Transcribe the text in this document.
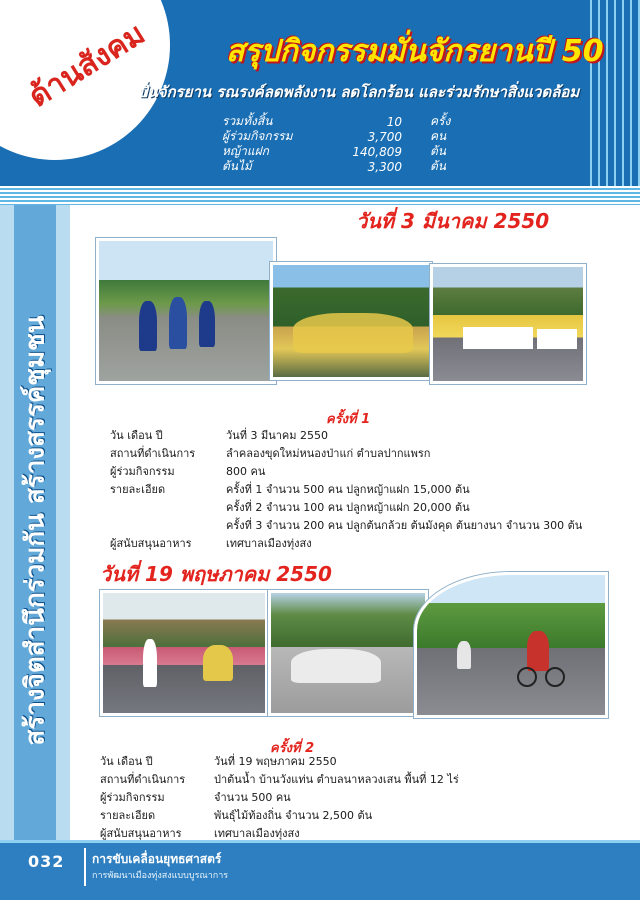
ด้านสังคม	สรุปกิจกรรมมั่นจักรยานปี 50
ปั่นจักรยาน รณรงค์ลดพลังงาน ลดโลกร้อน และร่วมรักษาสิ่งแวดล้อม
รวมทั้งสิ้น	10	ครั้ง
ผู้ร่วมกิจกรรม	3,700	คน
หญ้าแฝก	140,809	ต้น
ต้นไม้	3,300	ต้น
สร้างจิตสำนึกร่วมกัน สร้างสรรค์ชุมชน
วันที่ 3 มีนาคม 2550
ครั้งที่ 1
วัน เดือน ปี	วันที่ 3 มีนาคม 2550
สถานที่ดำเนินการ	ลำคลองขุดใหม่หนองป่าแก่ ตำบลปากแพรก
ผู้ร่วมกิจกรรม	800 คน
รายละเอียด	ครั้งที่ 1 จำนวน 500 คน ปลูกหญ้าแฝก 15,000 ต้น
ครั้งที่ 2 จำนวน 100 คน ปลูกหญ้าแฝก 20,000 ต้น
ครั้งที่ 3 จำนวน 200 คน ปลูกต้นกล้วย ต้นมังคุด ต้นยางนา จำนวน 300 ต้น
ผู้สนับสนุนอาหาร	เทศบาลเมืองทุ่งสง
วันที่ 19 พฤษภาคม 2550
ครั้งที่ 2
วัน เดือน ปี	วันที่ 19 พฤษภาคม 2550
สถานที่ดำเนินการ	ป่าต้นน้ำ บ้านวังแท่น ตำบลนาหลวงเสน พื้นที่ 12 ไร่
ผู้ร่วมกิจกรรม	จำนวน 500 คน
รายละเอียด	พันธุ์ไม้ท้องถิ่น จำนวน 2,500 ต้น
ผู้สนับสนุนอาหาร	เทศบาลเมืองทุ่งสง
032 การขับเคลื่อนยุทธศาสตร์
การพัฒนาเมืองทุ่งสงแบบบูรณาการ
